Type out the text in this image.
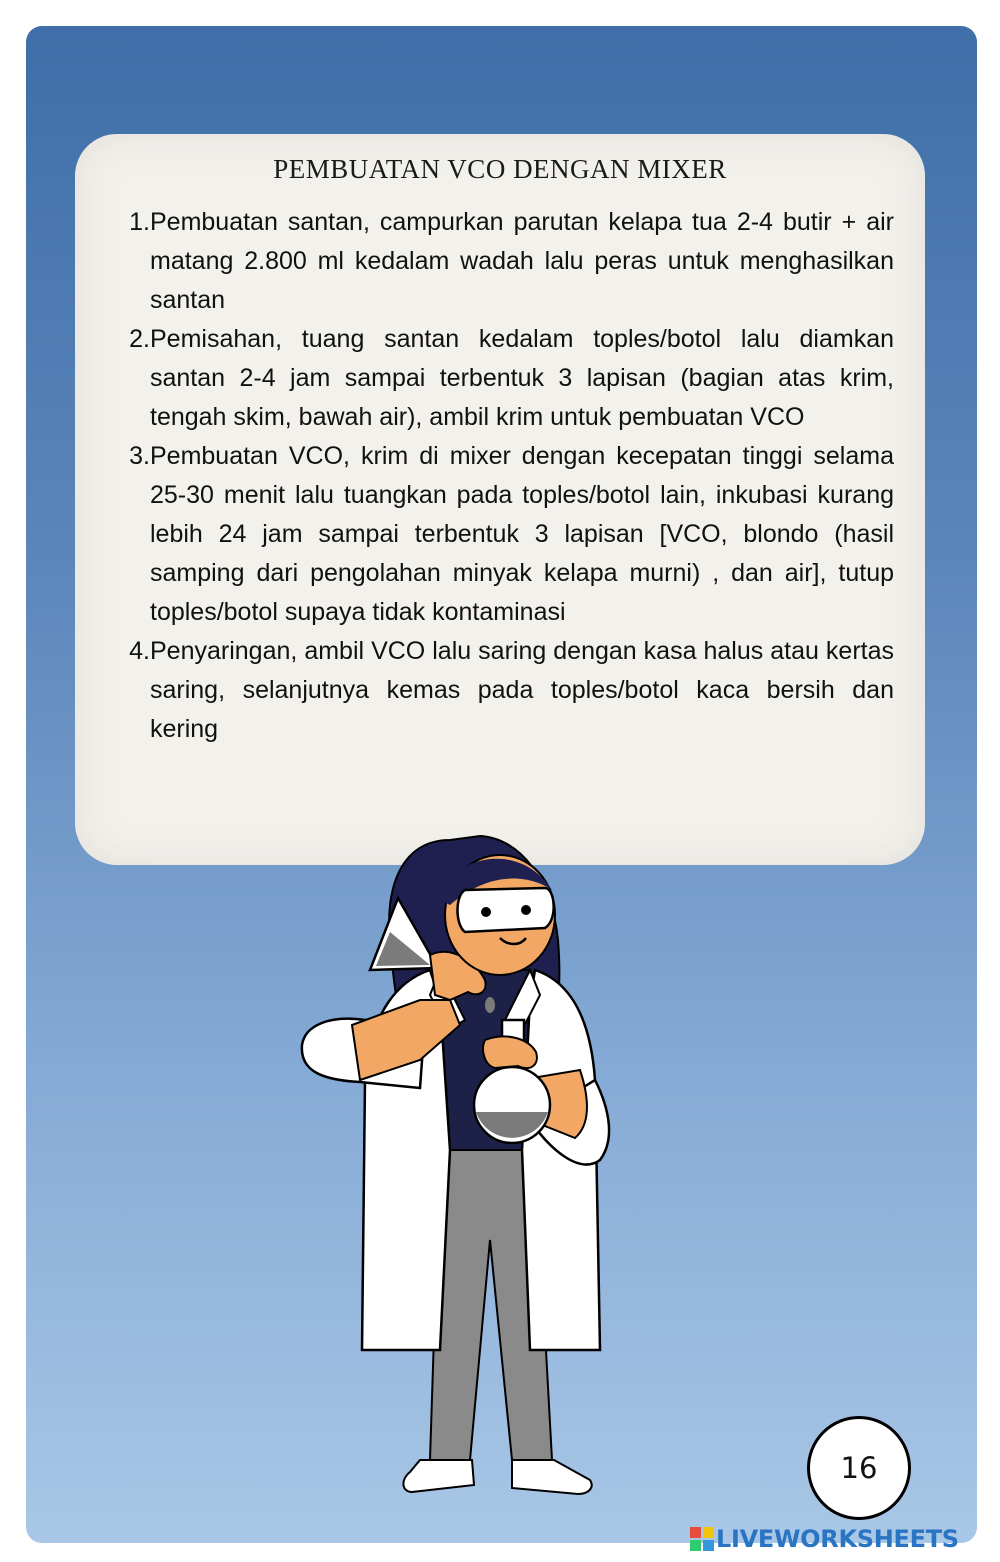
PEMBUATAN VCO DENGAN MIXER
1. Pembuatan santan, campurkan parutan kelapa tua 2-4 butir + air matang 2.800 ml kedalam wadah lalu peras untuk menghasilkan santan
2. Pemisahan, tuang santan kedalam toples/botol lalu diamkan santan 2-4 jam sampai terbentuk 3 lapisan (bagian atas krim, tengah skim, bawah air), ambil krim untuk pembuatan VCO
3. Pembuatan VCO, krim di mixer dengan kecepatan tinggi selama 25-30 menit lalu tuangkan pada toples/botol lain, inkubasi kurang lebih 24 jam sampai terbentuk 3 lapisan [VCO, blondo (hasil samping dari pengolahan minyak kelapa murni) , dan air], tutup toples/botol supaya tidak kontaminasi
4. Penyaringan, ambil VCO lalu saring dengan kasa halus atau kertas saring, selanjutnya kemas pada toples/botol kaca bersih dan kering
16
LIVEWORKSHEETS
